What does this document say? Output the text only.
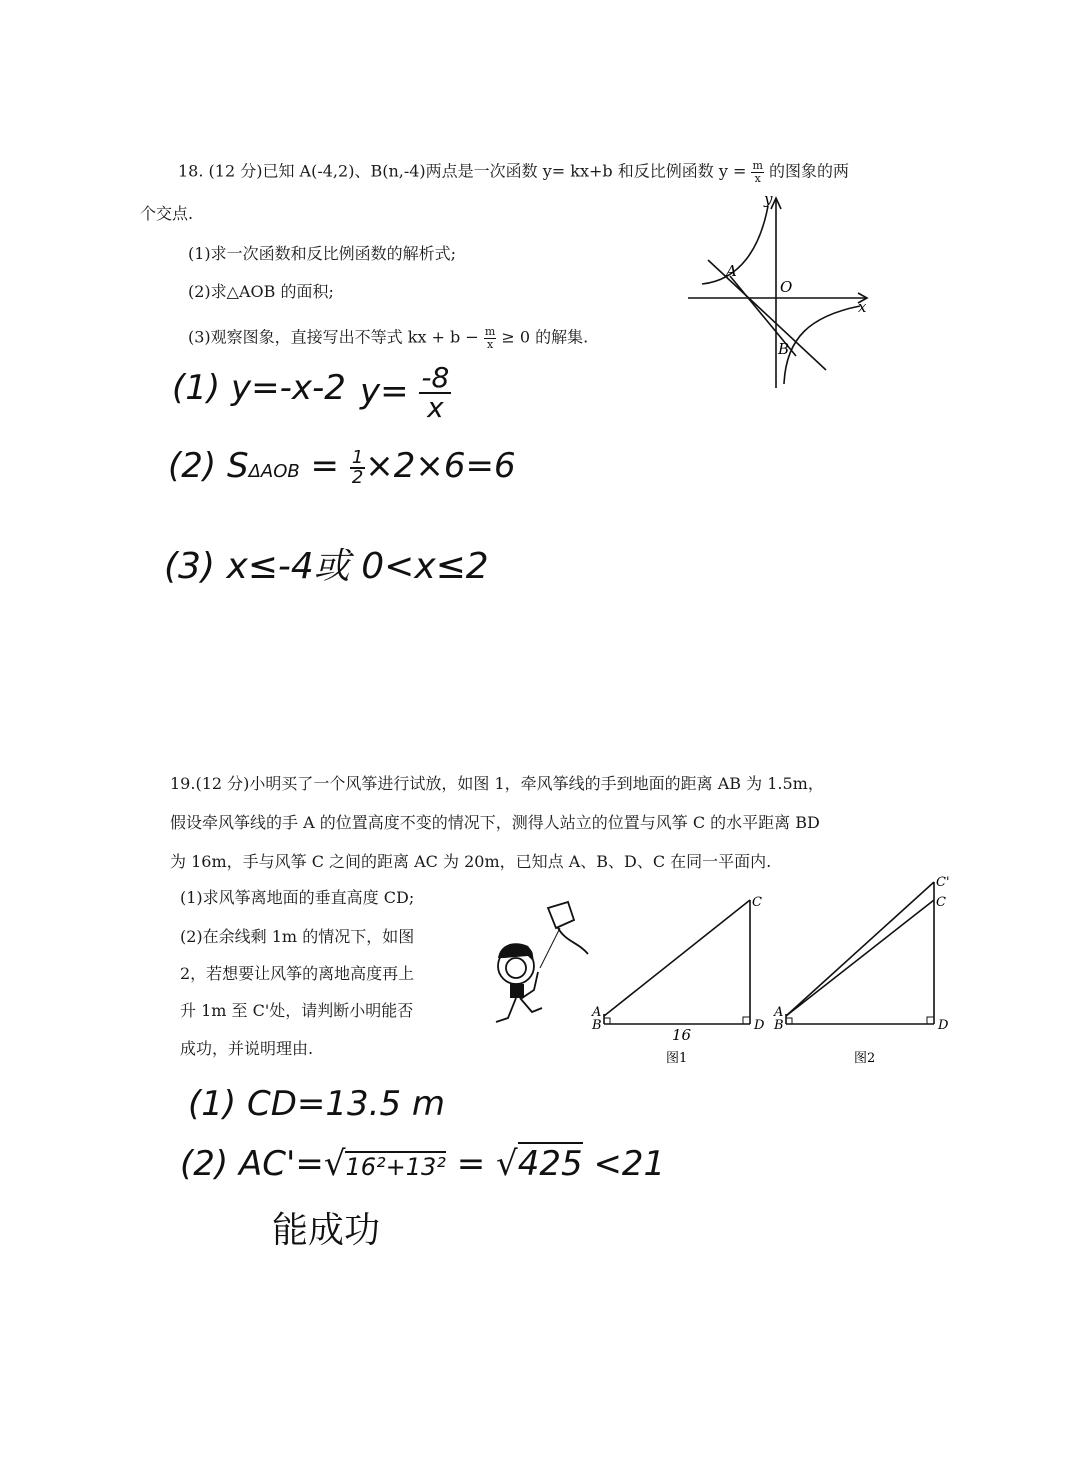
18. (12 分)已知 A(-4,2)、B(n,-4)两点是一次函数 y= kx+b 和反比例函数 $y = \frac{m}{x}$ 的图象的两
个交点.
(1)求一次函数和反比例函数的解析式;
(2)求△AOB 的面积;
(3)观察图象，直接写出不等式 kx + $b - \frac{m}{x} \ge 0$ 的解集.
y
x
O
A
B
(1) y=-x-2 $y= \frac{-8}{x}$
(2) $S\Delta AOB = \frac{1}{2} \times 2\times 6=6$
(3) x≤-4或 0<x≤2
19.(12 分)小明买了一个风筝进行试放，如图 1，牵风筝线的手到地面的距离 AB 为 1.5m，
假设牵风筝线的手 A 的位置高度不变的情况下，测得人站立的位置与风筝 C 的水平距离 BD
为 16m，手与风筝 C 之间的距离 AC 为 20m，已知点 A、B、D、C 在同一平面内.
(1)求风筝离地面的垂直高度 CD;
(2)在余线剩 1m 的情况下，如图
2，若想要让风筝的离地高度再上
升 1m 至 C'处，请判断小明能否
成功，并说明理由.
A
B
C
D
16
图1
A
B
C'
C
D
图2
(1) CD=13.5 m
(2) AC'=√16²+13² = √425 <21
能成功
